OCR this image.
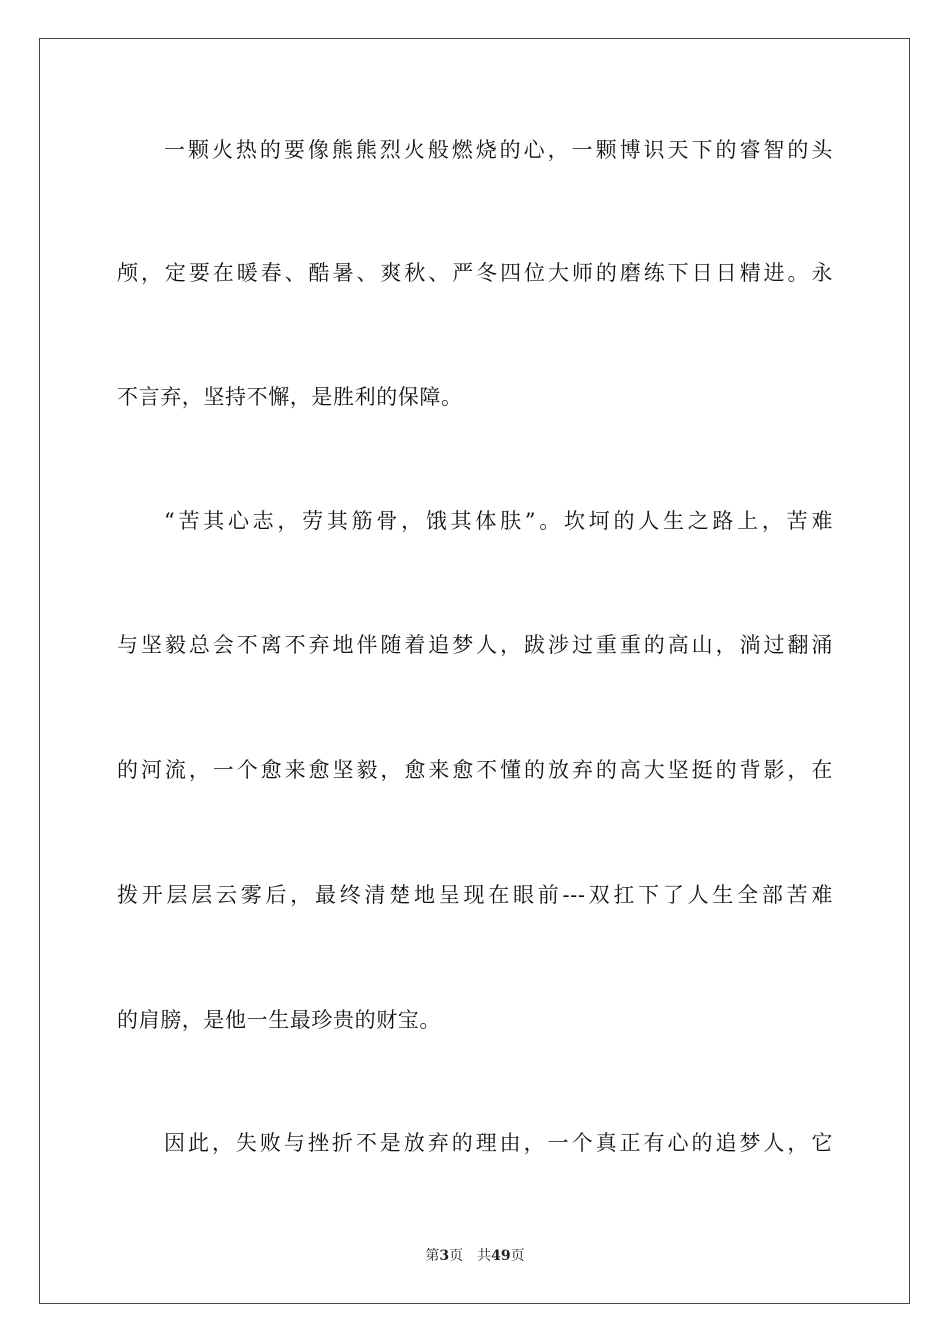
一颗火热的要像熊熊烈火般燃烧的心，一颗博识天下的睿智的头
颅，定要在暖春、酷暑、爽秋、严冬四位大师的磨练下日日精进。永
不言弃，坚持不懈，是胜利的保障。
“苦其心志，劳其筋骨，饿其体肤”。坎坷的人生之路上，苦难
与坚毅总会不离不弃地伴随着追梦人，跋涉过重重的高山，淌过翻涌
的河流，一个愈来愈坚毅，愈来愈不懂的放弃的高大坚挺的背影，在
拨开层层云雾后，最终清楚地呈现在眼前---双扛下了人生全部苦难
的肩膀，是他一生最珍贵的财宝。
因此，失败与挫折不是放弃的理由，一个真正有心的追梦人，它
第3页 共49页
